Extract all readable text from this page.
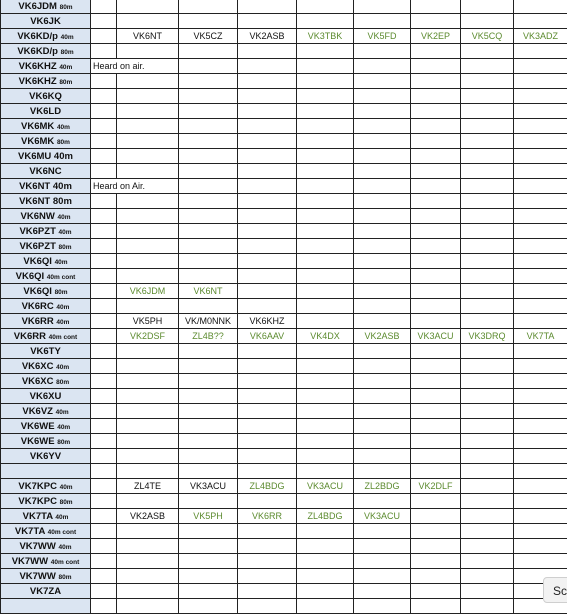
VK6JDM 80m									
VK6JK									
VK6KD/p 40m		VK6NT	VK5CZ	VK2ASB	VK3TBK	VK5FD	VK2EP	VK5CQ	VK3ADZ
VK6KD/p 80m									
VK6KHZ 40m	Heard on air.								
VK6KHZ 80m									
VK6KQ									
VK6LD									
VK6MK 40m									
VK6MK 80m									
VK6MU 40m									
VK6NC									
VK6NT 40m	Heard on Air.								
VK6NT 80m									
VK6NW 40m									
VK6PZT 40m									
VK6PZT 80m									
VK6QI 40m									
VK6QI 40m cont									
VK6QI 80m		VK6JDM	VK6NT						
VK6RC 40m									
VK6RR 40m		VK5PH	VK/M0NNK	VK6KHZ					
VK6RR 40m cont		VK2DSF	ZL4B??	VK6AAV	VK4DX	VK2ASB	VK3ACU	VK3DRQ	VK7TA
VK6TY									
VK6XC 40m									
VK6XC 80m									
VK6XU									
VK6VZ 40m									
VK6WE 40m									
VK6WE 80m									
VK6YV									

VK7KPC 40m		ZL4TE	VK3ACU	ZL4BDG	VK3ACU	ZL2BDG	VK2DLF		
VK7KPC 80m									
VK7TA 40m		VK2ASB	VK5PH	VK6RR	ZL4BDG	VK3ACU			
VK7TA 40m cont									
VK7WW 40m									
VK7WW 40m cont									
VK7WW 80m									
VK7ZA									
										Sc
